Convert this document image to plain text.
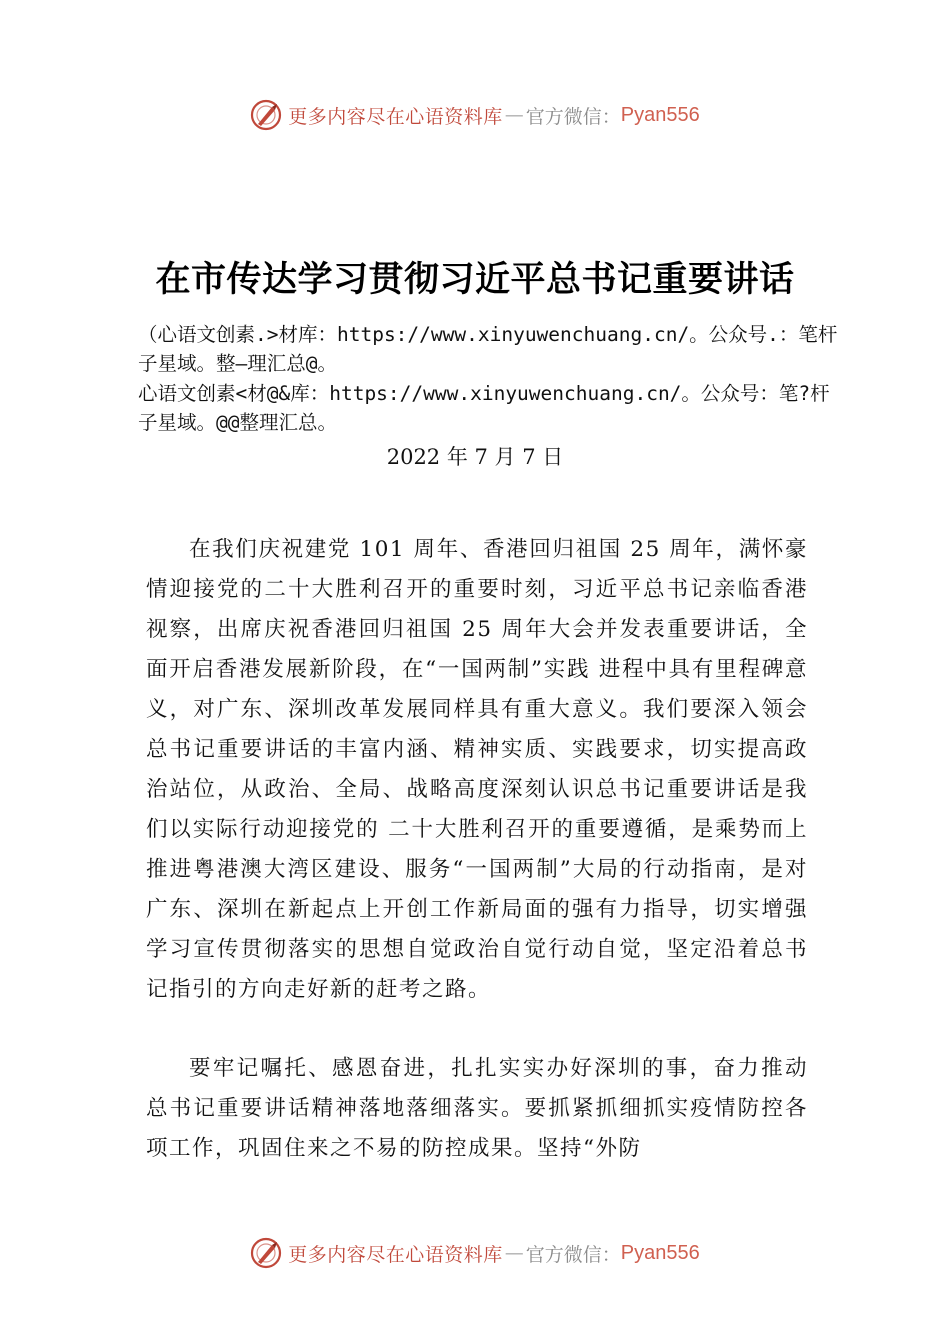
更多内容尽在心语资料库 — 官方微信： Pyan556
在市传达学习贯彻习近平总书记重要讲话
（心语文创素.>材库：https://www.xinyuwenchuang.cn/。公众号.：笔杆子星域。整—理汇总@。
心语文创素<材@&库：https://www.xinyuwenchuang.cn/。公众号：笔?杆子星域。@@整理汇总。
2022 年 7 月 7 日

在我们庆祝建党 101 周年、香港回归祖国 25 周年，满怀豪情迎接党的二十大胜利召开的重要时刻，习近平总书记亲临香港视察，出席庆祝香港回归祖国 25 周年大会并发表重要讲话，全面开启香港发展新阶段，在“一国两制”实践 进程中具有里程碑意义，对广东、深圳改革发展同样具有重大意义。我们要深入领会总书记重要讲话的丰富内涵、精神实质、实践要求，切实提高政治站位，从政治、全局、战略高度深刻认识总书记重要讲话是我们以实际行动迎接党的 二十大胜利召开的重要遵循，是乘势而上推进粤港澳大湾区建设、服务“一国两制”大局的行动指南，是对广东、深圳在新起点上开创工作新局面的强有力指导，切实增强学习宣传贯彻落实的思想自觉政治自觉行动自觉，坚定沿着总书记指引的方向走好新的赶考之路。

要牢记嘱托、感恩奋进，扎扎实实办好深圳的事，奋力推动总书记重要讲话精神落地落细落实。要抓紧抓细抓实疫情防控各项工作，巩固住来之不易的防控成果。坚持“外防

更多内容尽在心语资料库 — 官方微信： Pyan556
